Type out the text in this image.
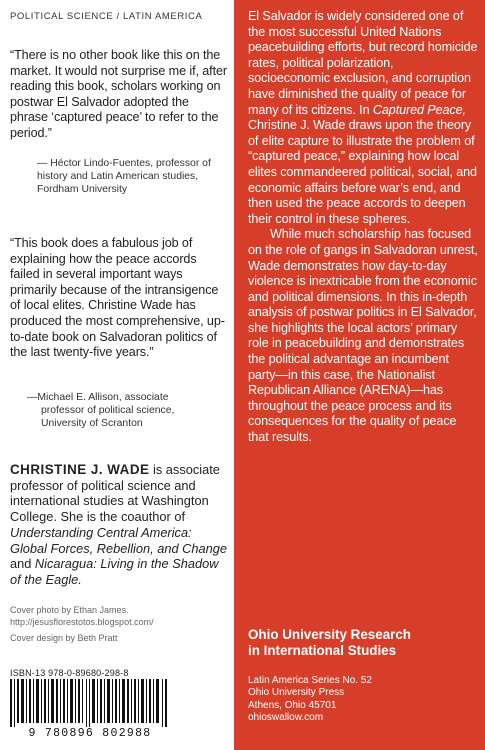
POLITICAL SCIENCE / LATIN AMERICA
“There is no other book like this on the market. It would not surprise me if, after reading this book, scholars working on postwar El Salvador adopted the phrase ‘captured peace’ to refer to the period.”
— Héctor Lindo-Fuentes, professor of
history and Latin American studies,
Fordham University
“This book does a fabulous job of explaining how the peace accords failed in several important ways primarily because of the intransigence of local elites. Christine Wade has produced the most comprehensive, up-to-date book on Salvadoran politics of the last twenty-five years.”
—Michael E. Allison, associate
professor of political science,
University of Scranton
CHRISTINE J. WADE is associate professor of political science and international studies at Washington College. She is the coauthor of Understanding Central America: Global Forces, Rebellion, and Change and Nicaragua: Living in the Shadow of the Eagle.
Cover photo by Ethan James.
http://jesusflorestotos.blogspot.com/
Cover design by Beth Pratt
ISBN-13 978-0-89680-298-8
9 780896 802988

El Salvador is widely considered one of the most successful United Nations peacebuilding efforts, but record homicide rates, political polarization, socioeconomic exclusion, and corruption have diminished the quality of peace for many of its citizens. In Captured Peace, Christine J. Wade draws upon the theory of elite capture to illustrate the problem of “captured peace,” explaining how local elites commandeered political, social, and economic affairs before war’s end, and then used the peace accords to deepen their control in these spheres.

While much scholarship has focused on the role of gangs in Salvadoran unrest, Wade demonstrates how day-to-day violence is inextricable from the economic and political dimensions. In this in-depth analysis of postwar politics in El Salvador, she highlights the local actors’ primary role in peacebuilding and demonstrates the political advantage an incumbent party—in this case, the Nationalist Republican Alliance (ARENA)—has throughout the peace process and its consequences for the quality of peace that results.

Ohio University Research
in International Studies
Latin America Series No. 52
Ohio University Press
Athens, Ohio 45701
ohioswallow.com
